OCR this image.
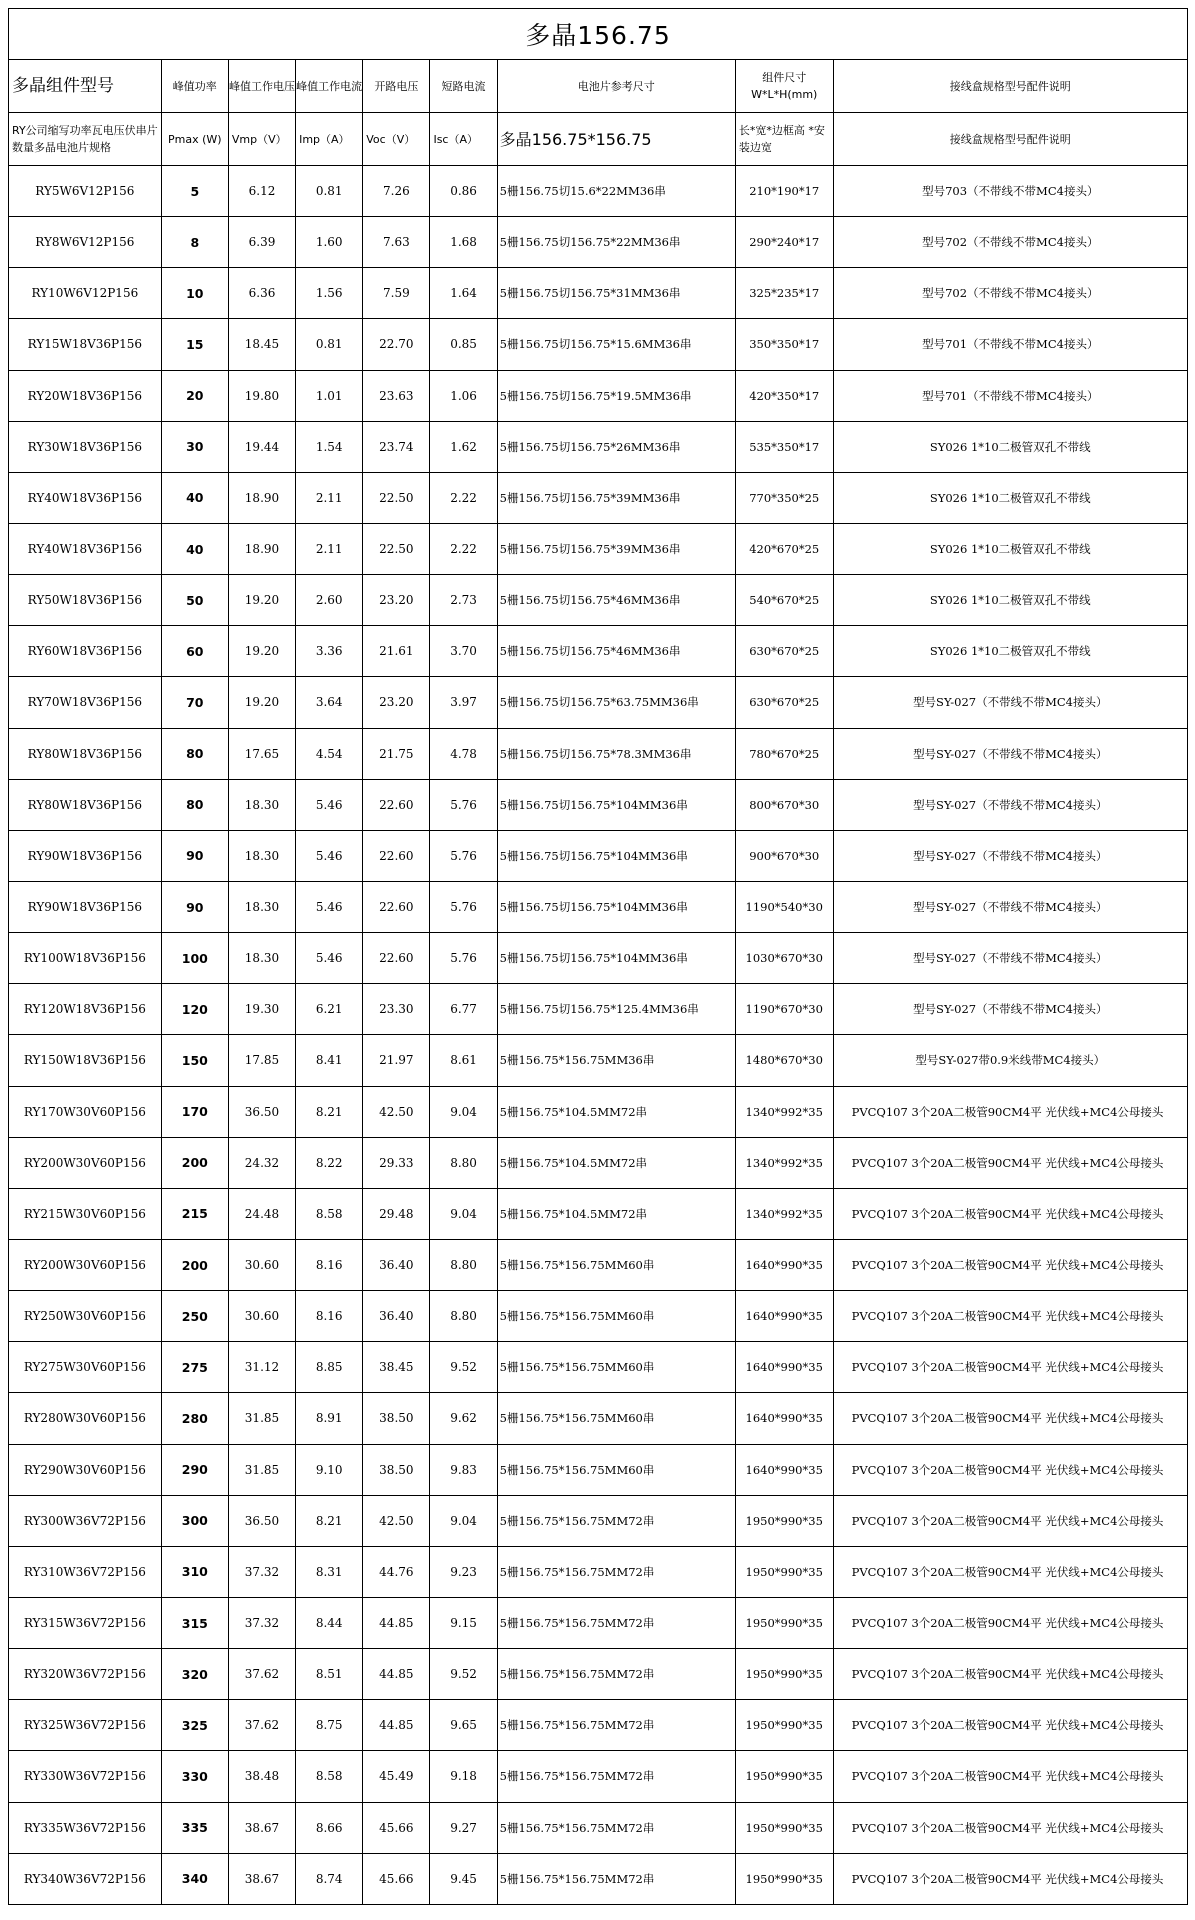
多晶156.75								
多晶组件型号	峰值功率	峰值工作电压	峰值工作电流	开路电压	短路电流	电池片参考尺寸	组件尺寸 W*L*H(mm)	接线盒规格型号配件说明
RY公司缩写功率瓦电压伏串片数量多晶电池片规格	Pmax (W)	Vmp（V）	Imp（A）	Voc（V）	Isc（A）	多晶156.75*156.75	长*宽*边框高 *安装边宽	接线盒规格型号配件说明
RY5W6V12P156	5	6.12	0.81	7.26	0.86	5栅156.75切15.6*22MM36串	210*190*17	型号703（不带线不带MC4接头）
RY8W6V12P156	8	6.39	1.60	7.63	1.68	5栅156.75切156.75*22MM36串	290*240*17	型号702（不带线不带MC4接头）
RY10W6V12P156	10	6.36	1.56	7.59	1.64	5栅156.75切156.75*31MM36串	325*235*17	型号702（不带线不带MC4接头）
RY15W18V36P156	15	18.45	0.81	22.70	0.85	5栅156.75切156.75*15.6MM36串	350*350*17	型号701（不带线不带MC4接头）
RY20W18V36P156	20	19.80	1.01	23.63	1.06	5栅156.75切156.75*19.5MM36串	420*350*17	型号701（不带线不带MC4接头）
RY30W18V36P156	30	19.44	1.54	23.74	1.62	5栅156.75切156.75*26MM36串	535*350*17	SY026 1*10二极管双孔不带线
RY40W18V36P156	40	18.90	2.11	22.50	2.22	5栅156.75切156.75*39MM36串	770*350*25	SY026 1*10二极管双孔不带线
RY40W18V36P156	40	18.90	2.11	22.50	2.22	5栅156.75切156.75*39MM36串	420*670*25	SY026 1*10二极管双孔不带线
RY50W18V36P156	50	19.20	2.60	23.20	2.73	5栅156.75切156.75*46MM36串	540*670*25	SY026 1*10二极管双孔不带线
RY60W18V36P156	60	19.20	3.36	21.61	3.70	5栅156.75切156.75*46MM36串	630*670*25	SY026 1*10二极管双孔不带线
RY70W18V36P156	70	19.20	3.64	23.20	3.97	5栅156.75切156.75*63.75MM36串	630*670*25	型号SY-027（不带线不带MC4接头）
RY80W18V36P156	80	17.65	4.54	21.75	4.78	5栅156.75切156.75*78.3MM36串	780*670*25	型号SY-027（不带线不带MC4接头）
RY80W18V36P156	80	18.30	5.46	22.60	5.76	5栅156.75切156.75*104MM36串	800*670*30	型号SY-027（不带线不带MC4接头）
RY90W18V36P156	90	18.30	5.46	22.60	5.76	5栅156.75切156.75*104MM36串	900*670*30	型号SY-027（不带线不带MC4接头）
RY90W18V36P156	90	18.30	5.46	22.60	5.76	5栅156.75切156.75*104MM36串	1190*540*30	型号SY-027（不带线不带MC4接头）
RY100W18V36P156	100	18.30	5.46	22.60	5.76	5栅156.75切156.75*104MM36串	1030*670*30	型号SY-027（不带线不带MC4接头）
RY120W18V36P156	120	19.30	6.21	23.30	6.77	5栅156.75切156.75*125.4MM36串	1190*670*30	型号SY-027（不带线不带MC4接头）
RY150W18V36P156	150	17.85	8.41	21.97	8.61	5栅156.75*156.75MM36串	1480*670*30	型号SY-027带0.9米线带MC4接头）
RY170W30V60P156	170	36.50	8.21	42.50	9.04	5栅156.75*104.5MM72串	1340*992*35	PVCQ107 3个20A二极管90CM4平 光伏线+MC4公母接头
RY200W30V60P156	200	24.32	8.22	29.33	8.80	5栅156.75*104.5MM72串	1340*992*35	PVCQ107 3个20A二极管90CM4平 光伏线+MC4公母接头
RY215W30V60P156	215	24.48	8.58	29.48	9.04	5栅156.75*104.5MM72串	1340*992*35	PVCQ107 3个20A二极管90CM4平 光伏线+MC4公母接头
RY200W30V60P156	200	30.60	8.16	36.40	8.80	5栅156.75*156.75MM60串	1640*990*35	PVCQ107 3个20A二极管90CM4平 光伏线+MC4公母接头
RY250W30V60P156	250	30.60	8.16	36.40	8.80	5栅156.75*156.75MM60串	1640*990*35	PVCQ107 3个20A二极管90CM4平 光伏线+MC4公母接头
RY275W30V60P156	275	31.12	8.85	38.45	9.52	5栅156.75*156.75MM60串	1640*990*35	PVCQ107 3个20A二极管90CM4平 光伏线+MC4公母接头
RY280W30V60P156	280	31.85	8.91	38.50	9.62	5栅156.75*156.75MM60串	1640*990*35	PVCQ107 3个20A二极管90CM4平 光伏线+MC4公母接头
RY290W30V60P156	290	31.85	9.10	38.50	9.83	5栅156.75*156.75MM60串	1640*990*35	PVCQ107 3个20A二极管90CM4平 光伏线+MC4公母接头
RY300W36V72P156	300	36.50	8.21	42.50	9.04	5栅156.75*156.75MM72串	1950*990*35	PVCQ107 3个20A二极管90CM4平 光伏线+MC4公母接头
RY310W36V72P156	310	37.32	8.31	44.76	9.23	5栅156.75*156.75MM72串	1950*990*35	PVCQ107 3个20A二极管90CM4平 光伏线+MC4公母接头
RY315W36V72P156	315	37.32	8.44	44.85	9.15	5栅156.75*156.75MM72串	1950*990*35	PVCQ107 3个20A二极管90CM4平 光伏线+MC4公母接头
RY320W36V72P156	320	37.62	8.51	44.85	9.52	5栅156.75*156.75MM72串	1950*990*35	PVCQ107 3个20A二极管90CM4平 光伏线+MC4公母接头
RY325W36V72P156	325	37.62	8.75	44.85	9.65	5栅156.75*156.75MM72串	1950*990*35	PVCQ107 3个20A二极管90CM4平 光伏线+MC4公母接头
RY330W36V72P156	330	38.48	8.58	45.49	9.18	5栅156.75*156.75MM72串	1950*990*35	PVCQ107 3个20A二极管90CM4平 光伏线+MC4公母接头
RY335W36V72P156	335	38.67	8.66	45.66	9.27	5栅156.75*156.75MM72串	1950*990*35	PVCQ107 3个20A二极管90CM4平 光伏线+MC4公母接头
RY340W36V72P156	340	38.67	8.74	45.66	9.45	5栅156.75*156.75MM72串	1950*990*35	PVCQ107 3个20A二极管90CM4平 光伏线+MC4公母接头
